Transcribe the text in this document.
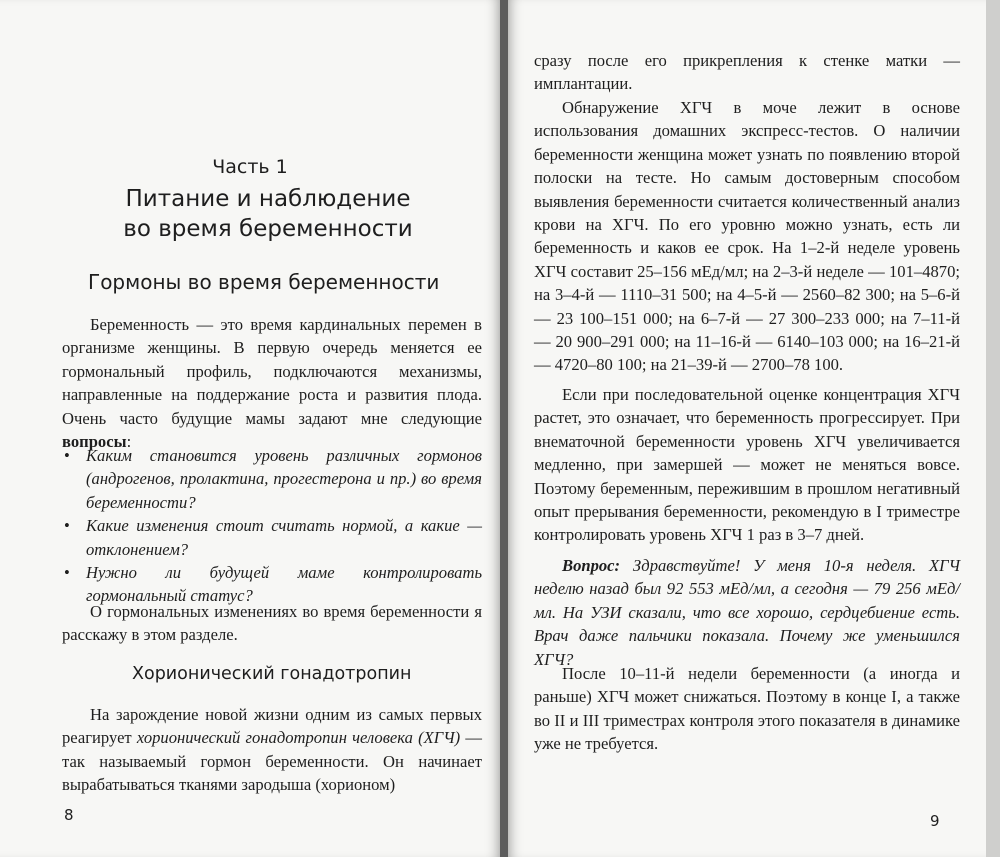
Часть 1
Питание и наблюдение
во время беременности
Гормоны во время беременности

Беременность — это время кардинальных перемен в организме женщины. В первую очередь меняется ее гормональный профиль, подключаются механизмы, направленные на поддержание роста и развития плода. Очень часто будущие мамы задают мне следующие вопросы:

• Каким становится уровень различных гормонов (андрогенов, пролактина, прогестерона и пр.) во время беременности?
• Какие изменения стоит считать нормой, а какие — отклонением?
• Нужно ли будущей маме контролировать гормональный статус?

О гормональных изменениях во время беременности я расскажу в этом разделе.

Хорионический гонадотропин

На зарождение новой жизни одним из самых первых реагирует хорионический гонадотропин человека (ХГЧ) — так называемый гормон беременности. Он начинает вырабатываться тканями зародыша (хорионом)

8

сразу после его прикрепления к стенке матки — имплантации.

Обнаружение ХГЧ в моче лежит в основе использования домашних экспресс-тестов. О наличии беременности женщина может узнать по появлению второй полоски на тесте. Но самым достоверным способом выявления беременности считается количественный анализ крови на ХГЧ. По его уровню можно узнать, есть ли беременность и каков ее срок. На 1–2-й неделе уровень ХГЧ составит 25–156 мЕд/мл; на 2–3-й неделе — 101–4870; на 3–4-й — 1110–31 500; на 4–5-й — 2560–82 300; на 5–6-й — 23 100–151 000; на 6–7-й — 27 300–233 000; на 7–11-й — 20 900–291 000; на 11–16-й — 6140–103 000; на 16–21-й — 4720–80 100; на 21–39-й — 2700–78 100.

Если при последовательной оценке концентрация ХГЧ растет, это означает, что беременность прогрессирует. При внематочной беременности уровень ХГЧ увеличивается медленно, при замершей — может не меняться вовсе. Поэтому беременным, пережившим в прошлом негативный опыт прерывания беременности, рекомендую в I триместре контролировать уровень ХГЧ 1 раз в 3–7 дней.

Вопрос: Здравствуйте! У меня 10-я неделя. ХГЧ неделю назад был 92 553 мЕд/мл, а сегодня — 79 256 мЕд/мл. На УЗИ сказали, что все хорошо, сердцебиение есть. Врач даже пальчики показала. Почему же уменьшился ХГЧ?

После 10–11-й недели беременности (а иногда и раньше) ХГЧ может снижаться. Поэтому в конце I, а также во II и III триместрах контроля этого показателя в динамике уже не требуется.

9
